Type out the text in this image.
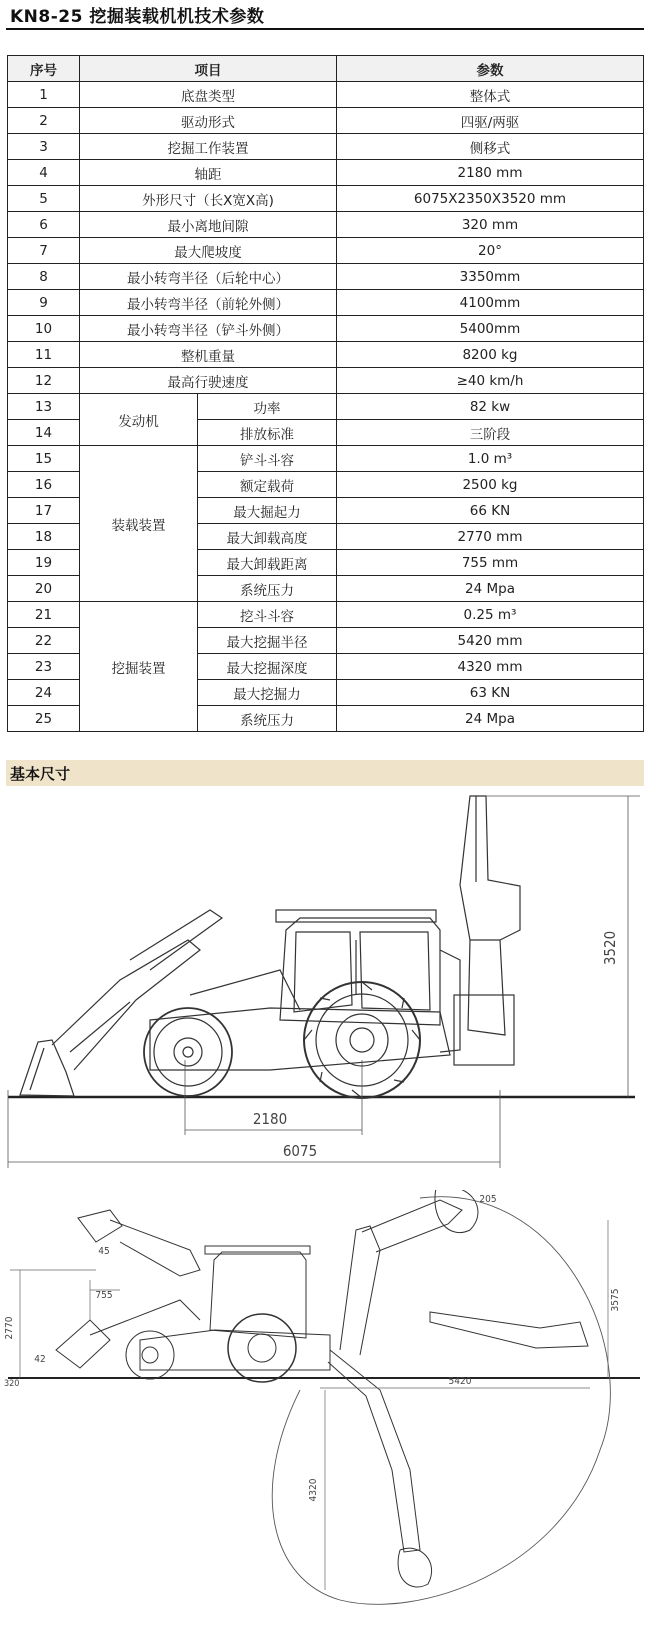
KN8-25 挖掘装载机机技术参数
序号	项目		参数
1	底盘类型		整体式
2	驱动形式		四驱/两驱
3	挖掘工作装置		侧移式
4	轴距		2180 mm
5	外形尺寸（长X宽X高)		6075X2350X3520 mm
6	最小离地间隙		320 mm
7	最大爬坡度		20°
8	最小转弯半径（后轮中心）		3350mm
9	最小转弯半径（前轮外侧）		4100mm
10	最小转弯半径（铲斗外侧）		5400mm
11	整机重量		8200 kg
12	最高行驶速度		≥40 km/h
13	发动机	功率	82 kw
14		排放标准	三阶段
15	装载装置	铲斗斗容	1.0 m³
16		额定载荷	2500 kg
17		最大掘起力	66 KN
18		最大卸载高度	2770 mm
19		最大卸载距离	755 mm
20		系统压力	24 Mpa
21	挖掘装置	挖斗斗容	0.25 m³
22		最大挖掘半径	5420 mm
23		最大挖掘深度	4320 mm
24		最大挖掘力	63 KN
25		系统压力	24 Mpa
基本尺寸
2180
6075
3520
2770
755
45
42
320
205
3575
5420
4320
